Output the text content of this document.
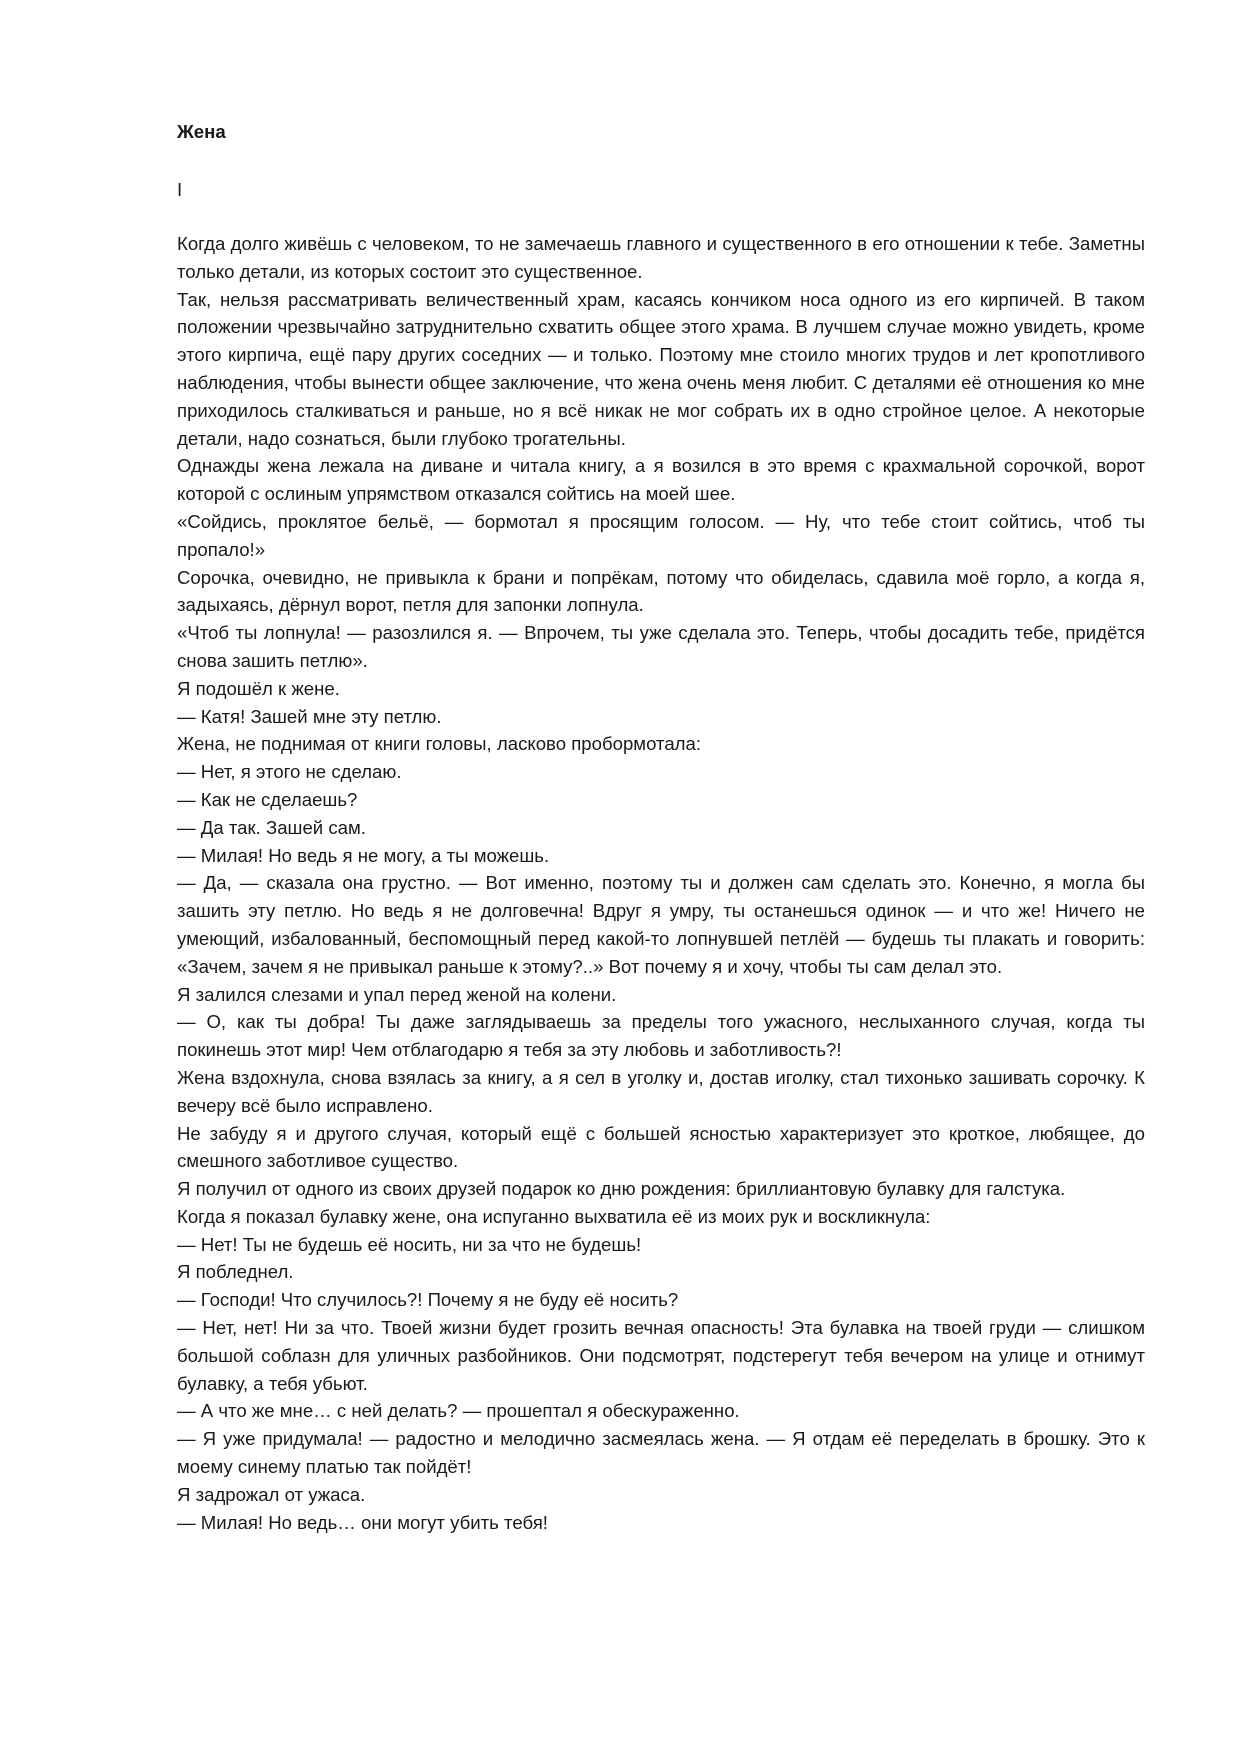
Жена
I

Когда долго живёшь с человеком, то не замечаешь главного и существенного в его отношении к тебе. Заметны только детали, из которых состоит это существенное.

Так, нельзя рассматривать величественный храм, касаясь кончиком носа одного из его кирпичей. В таком положении чрезвычайно затруднительно схватить общее этого храма. В лучшем случае можно увидеть, кроме этого кирпича, ещё пару других соседних — и только. Поэтому мне стоило многих трудов и лет кропотливого наблюдения, чтобы вынести общее заключение, что жена очень меня любит. С деталями её отношения ко мне приходилось сталкиваться и раньше, но я всё никак не мог собрать их в одно стройное целое. А некоторые детали, надо сознаться, были глубоко трогательны.

Однажды жена лежала на диване и читала книгу, а я возился в это время с крахмальной сорочкой, ворот которой с ослиным упрямством отказался сойтись на моей шее.

«Сойдись, проклятое бельё, — бормотал я просящим голосом. — Ну, что тебе стоит сойтись, чтоб ты пропало!»

Сорочка, очевидно, не привыкла к брани и попрёкам, потому что обиделась, сдавила моё горло, а когда я, задыхаясь, дёрнул ворот, петля для запонки лопнула.

«Чтоб ты лопнула! — разозлился я. — Впрочем, ты уже сделала это. Теперь, чтобы досадить тебе, придётся снова зашить петлю».

Я подошёл к жене.

— Катя! Зашей мне эту петлю.

Жена, не поднимая от книги головы, ласково пробормотала:

— Нет, я этого не сделаю.

— Как не сделаешь?

— Да так. Зашей сам.

— Милая! Но ведь я не могу, а ты можешь.

— Да, — сказала она грустно. — Вот именно, поэтому ты и должен сам сделать это. Конечно, я могла бы зашить эту петлю. Но ведь я не долговечна! Вдруг я умру, ты останешься одинок — и что же! Ничего не умеющий, избалованный, беспомощный перед какой-то лопнувшей петлёй — будешь ты плакать и говорить: «Зачем, зачем я не привыкал раньше к этому?..» Вот почему я и хочу, чтобы ты сам делал это.

Я залился слезами и упал перед женой на колени.

— О, как ты добра! Ты даже заглядываешь за пределы того ужасного, неслыханного случая, когда ты покинешь этот мир! Чем отблагодарю я тебя за эту любовь и заботливость?!

Жена вздохнула, снова взялась за книгу, а я сел в уголку и, достав иголку, стал тихонько зашивать сорочку. К вечеру всё было исправлено.

Не забуду я и другого случая, который ещё с большей ясностью характеризует это кроткое, любящее, до смешного заботливое существо.

Я получил от одного из своих друзей подарок ко дню рождения: бриллиантовую булавку для галстука.

Когда я показал булавку жене, она испуганно выхватила её из моих рук и воскликнула:

— Нет! Ты не будешь её носить, ни за что не будешь!

Я побледнел.

— Господи! Что случилось?! Почему я не буду её носить?

— Нет, нет! Ни за что. Твоей жизни будет грозить вечная опасность! Эта булавка на твоей груди — слишком большой соблазн для уличных разбойников. Они подсмотрят, подстерегут тебя вечером на улице и отнимут булавку, а тебя убьют.

— А что же мне… с ней делать? — прошептал я обескураженно.

— Я уже придумала! — радостно и мелодично засмеялась жена. — Я отдам её переделать в брошку. Это к моему синему платью так пойдёт!

Я задрожал от ужаса.

— Милая! Но ведь… они могут убить тебя!
